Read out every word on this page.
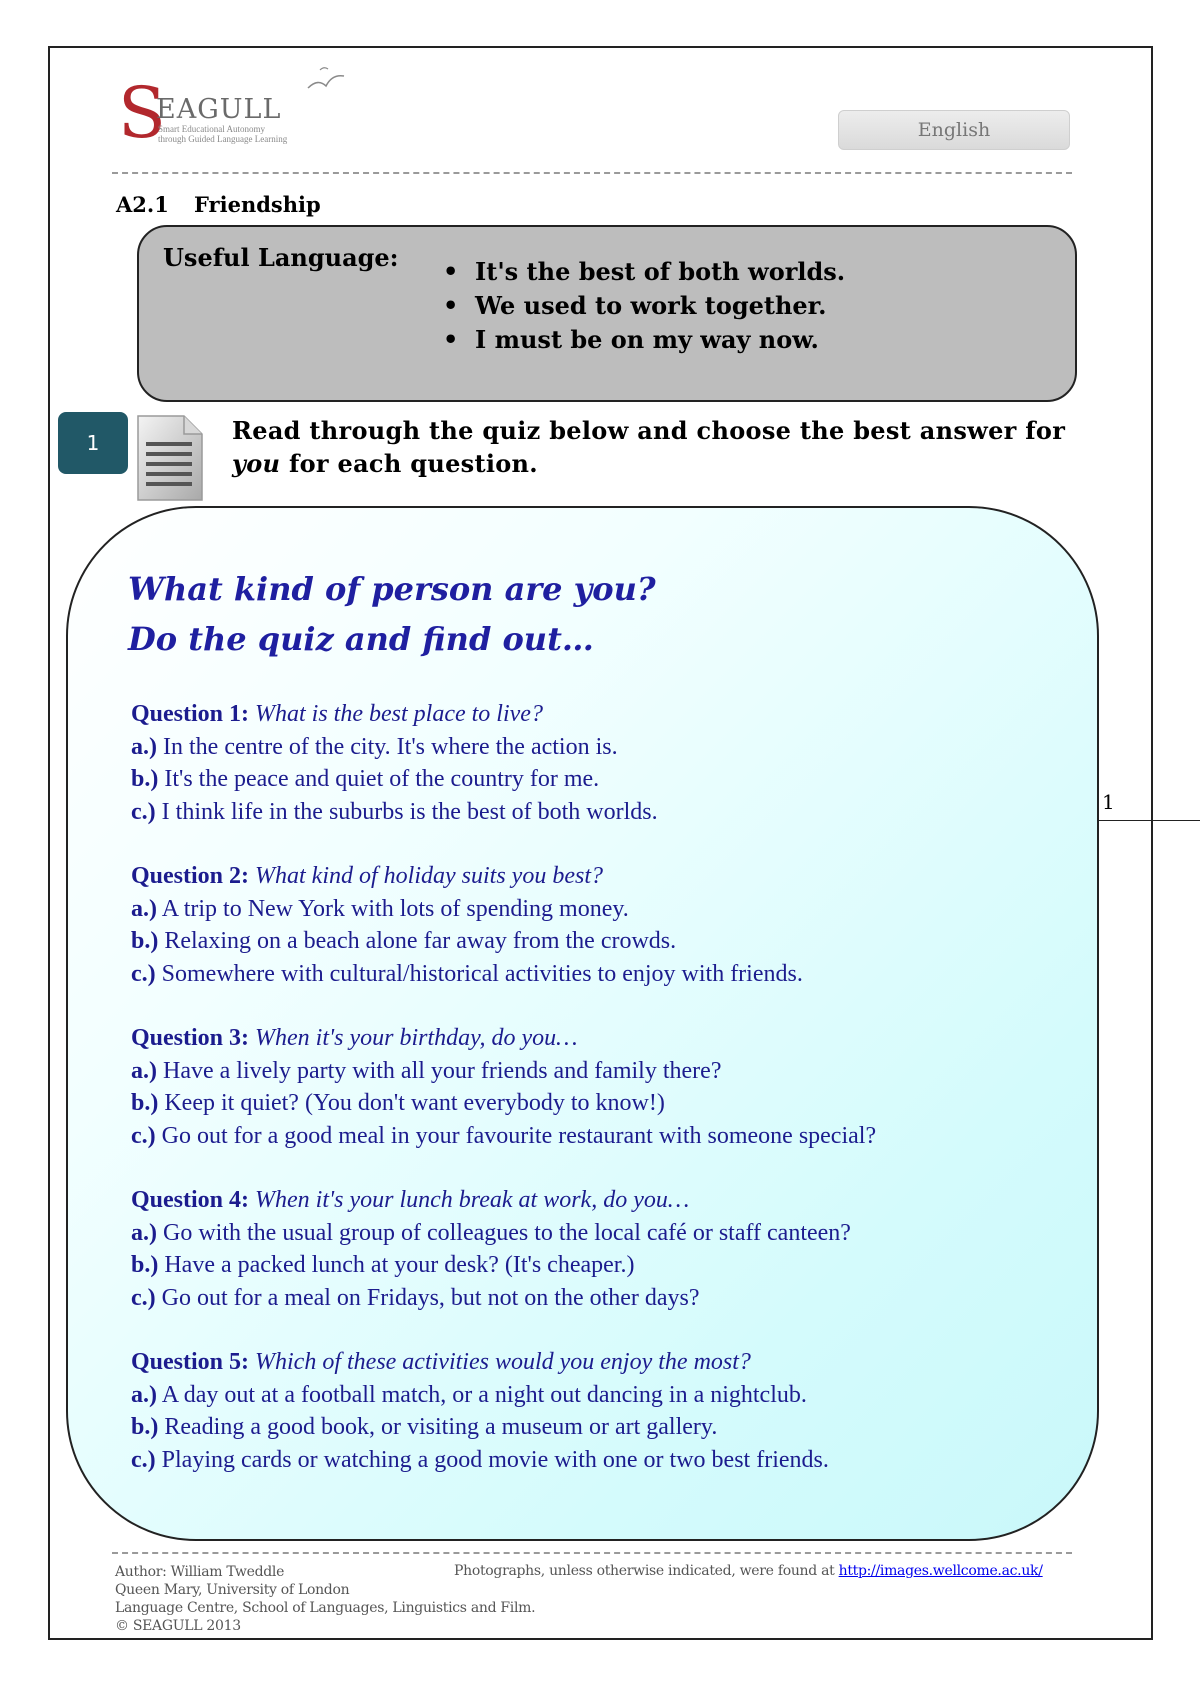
S
EAGULL
Smart Educational Autonomy
through Guided Language Learning	English
A2.1 Friendship
Useful Language:
•	It's the best of both worlds.
• We used to work together.
• I must be on my way now.
1	Read through the quiz below and choose the best answer for you for each question.
What kind of person are you?
Do the quiz and find out…
Question 1: What is the best place to live?
a.) In the centre of the city. It's where the action is.
b.) It's the peace and quiet of the country for me.
c.) I think life in the suburbs is the best of both worlds.
Question 2: What kind of holiday suits you best?
a.) A trip to New York with lots of spending money.
b.) Relaxing on a beach alone far away from the crowds.
c.) Somewhere with cultural/historical activities to enjoy with friends.
Question 3: When it's your birthday, do you…
a.) Have a lively party with all your friends and family there?
b.) Keep it quiet? (You don't want everybody to know!)
c.) Go out for a good meal in your favourite restaurant with someone special?
Question 4: When it's your lunch break at work, do you…
a.) Go with the usual group of colleagues to the local café or staff canteen?
b.) Have a packed lunch at your desk? (It's cheaper.)
c.) Go out for a meal on Fridays, but not on the other days?
Question 5: Which of these activities would you enjoy the most?
a.) A day out at a football match, or a night out dancing in a nightclub.
b.) Reading a good book, or visiting a museum or art gallery.
c.) Playing cards or watching a good movie with one or two best friends.
1
Author: William Tweddle
Queen Mary, University of London
Language Centre, School of Languages, Linguistics and Film.
© SEAGULL 2013
Photographs, unless otherwise indicated, were found at http://images.wellcome.ac.uk/
